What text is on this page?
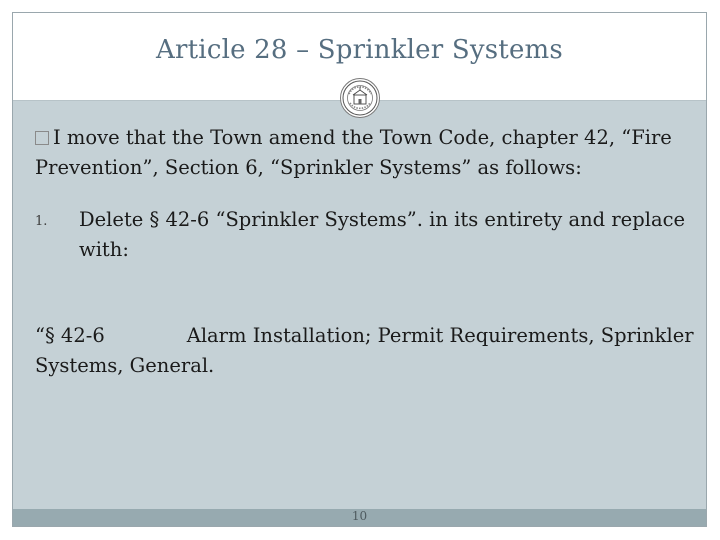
Article 28 – Sprinkler Systems

I move that the Town amend the Town Code, chapter 42, “Fire Prevention”, Section 6, “Sprinkler Systems” as follows:

1. Delete § 42-6 “Sprinkler Systems”. in its entirety and replace with:

“§ 42-6	Alarm Installation; Permit Requirements, Sprinkler Systems, General.

10
